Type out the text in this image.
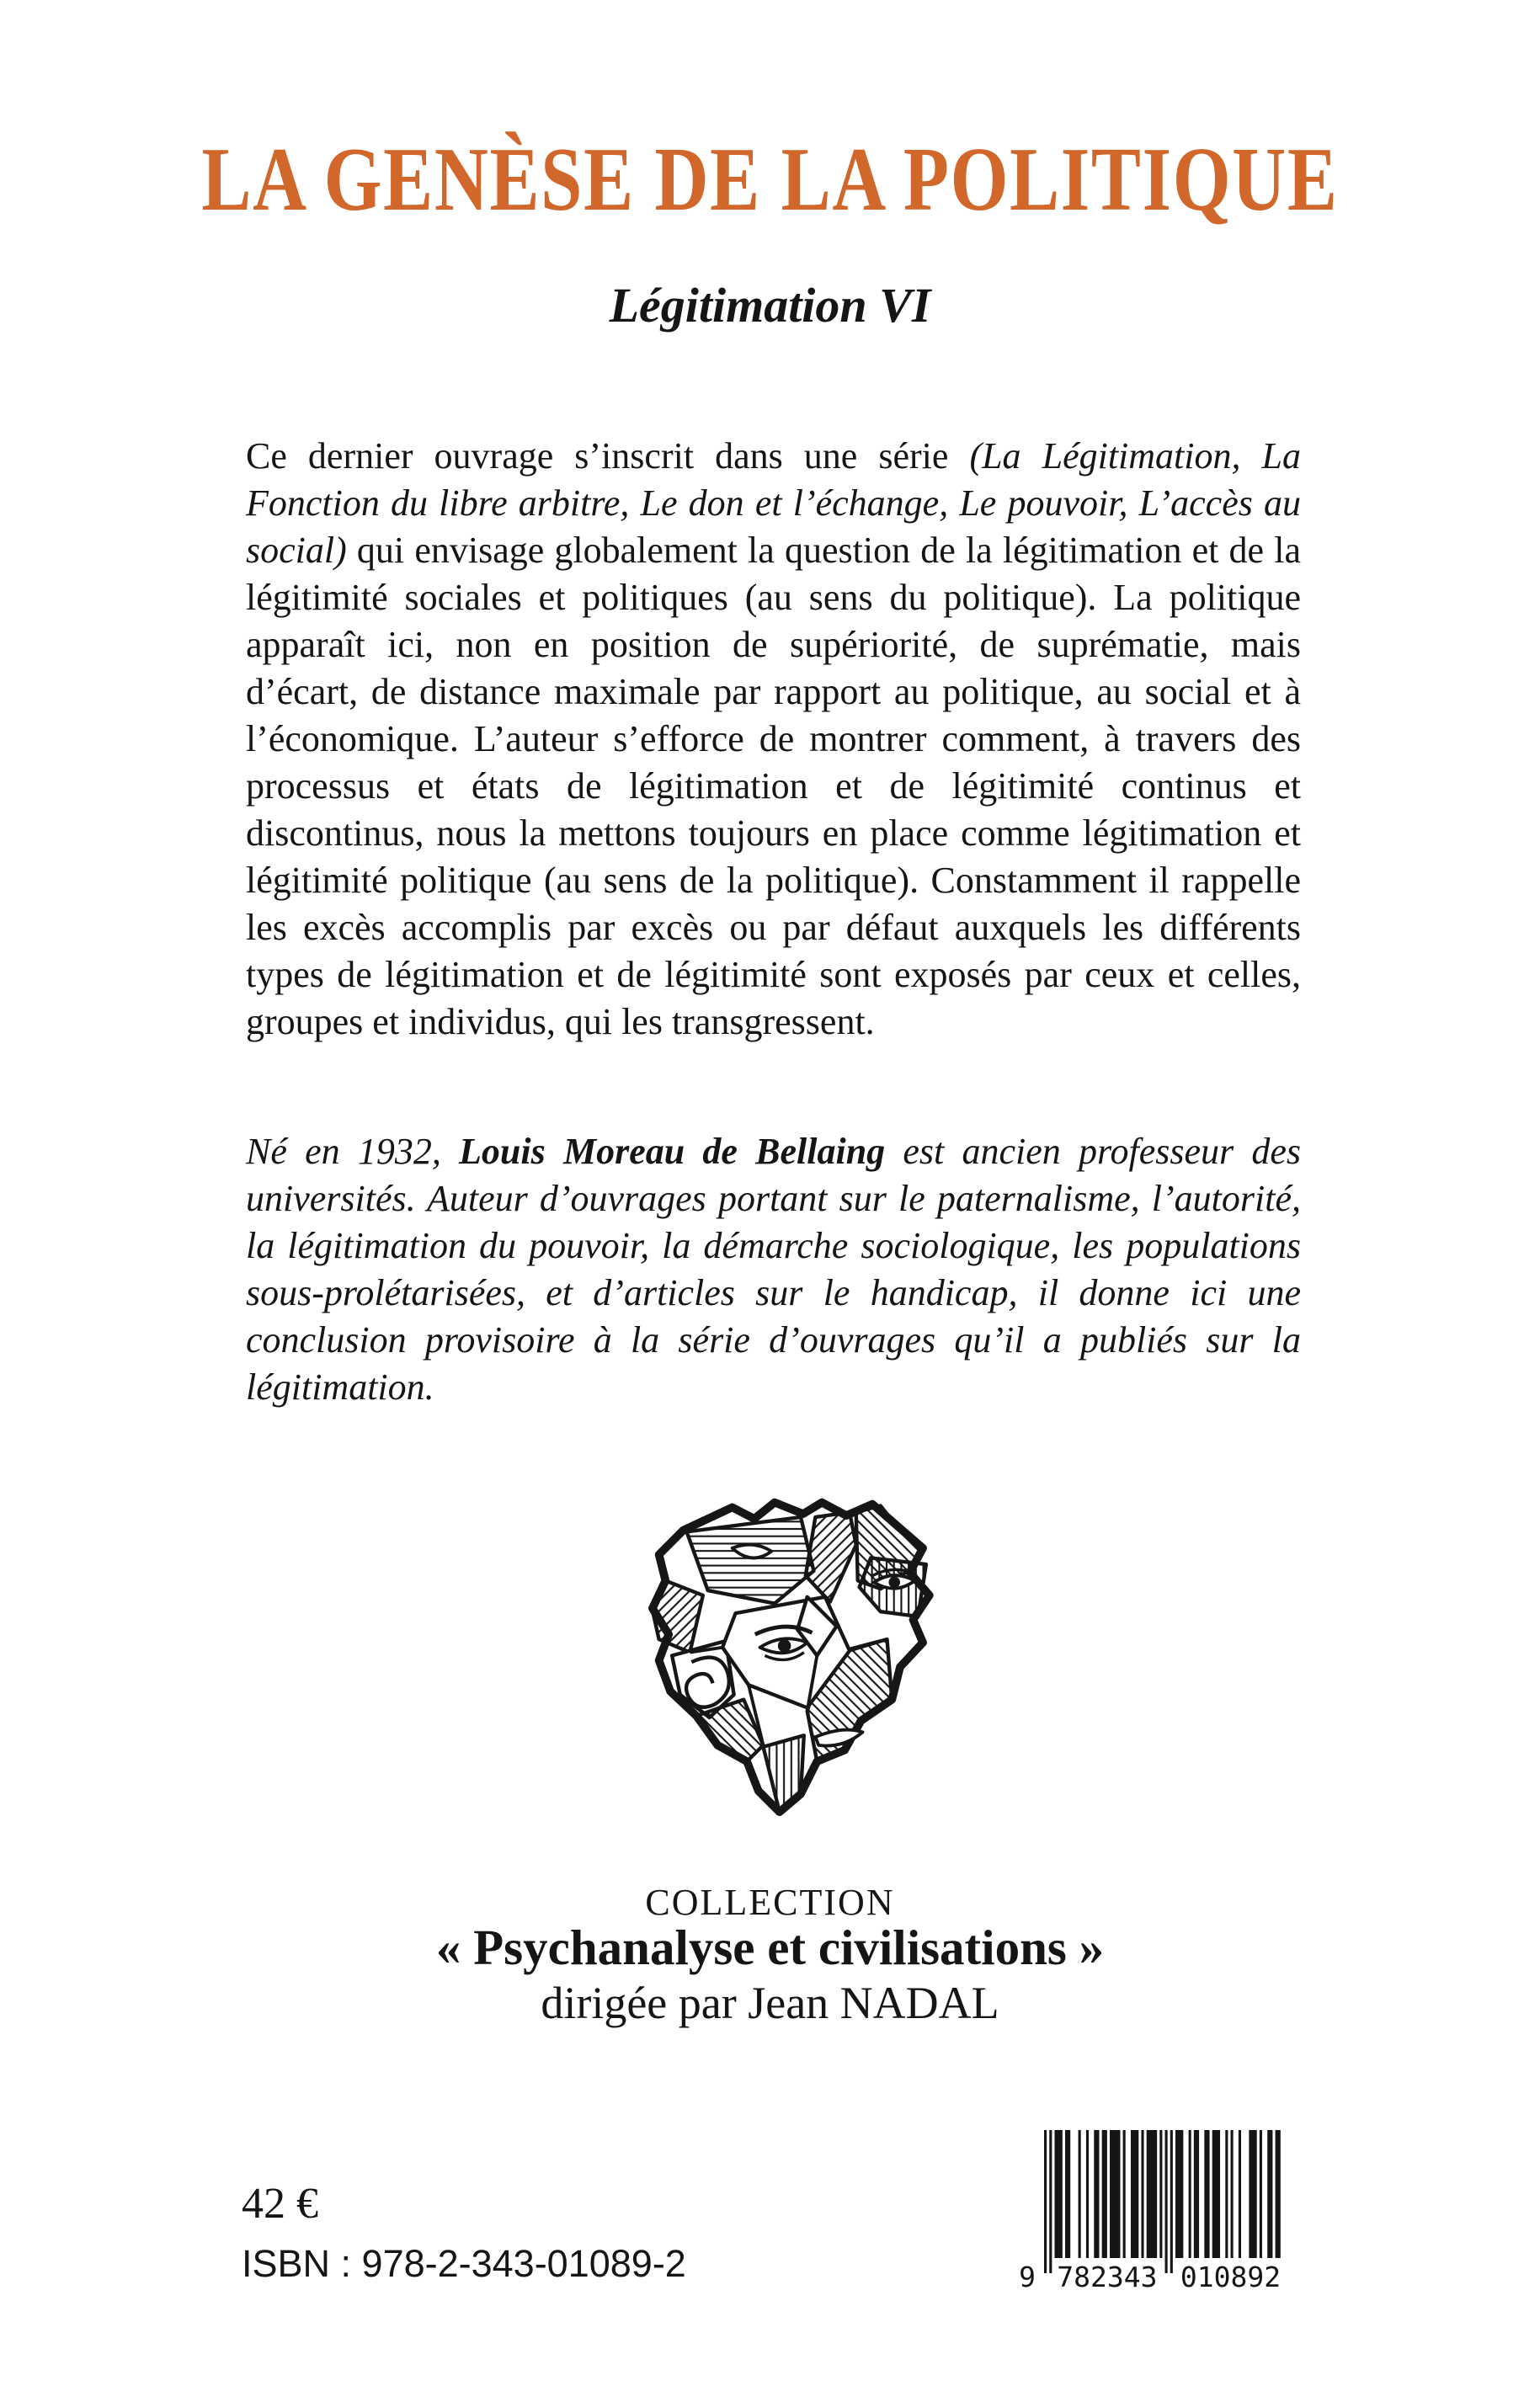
LA GENÈSE DE LA POLITIQUE
Légitimation VI

Ce dernier ouvrage s’inscrit dans une série (La Légitimation, La Fonction du libre arbitre, Le don et l’échange, Le pouvoir, L’accès au social) qui envisage globalement la question de la légitimation et de la légitimité sociales et politiques (au sens du politique). La politique apparaît ici, non en position de supériorité, de suprématie, mais d’écart, de distance maximale par rapport au politique, au social et à l’économique. L’auteur s’efforce de montrer comment, à travers des processus et états de légitimation et de légitimité continus et discontinus, nous la mettons toujours en place comme légitimation et légitimité politique (au sens de la politique). Constamment il rappelle les excès accomplis par excès ou par défaut auxquels les différents types de légitimation et de légitimité sont exposés par ceux et celles, groupes et individus, qui les transgressent.

Né en 1932, Louis Moreau de Bellaing est ancien professeur des universités. Auteur d’ouvrages portant sur le paternalisme, l’autorité, la légitimation du pouvoir, la démarche sociologique, les populations sous-prolétarisées, et d’articles sur le handicap, il donne ici une conclusion provisoire à la série d’ouvrages qu’il a publiés sur la légitimation.

COLLECTION
« Psychanalyse et civilisations »
dirigée par Jean NADAL
42 €
ISBN : 978-2-343-01089-2	9 782343 010892
